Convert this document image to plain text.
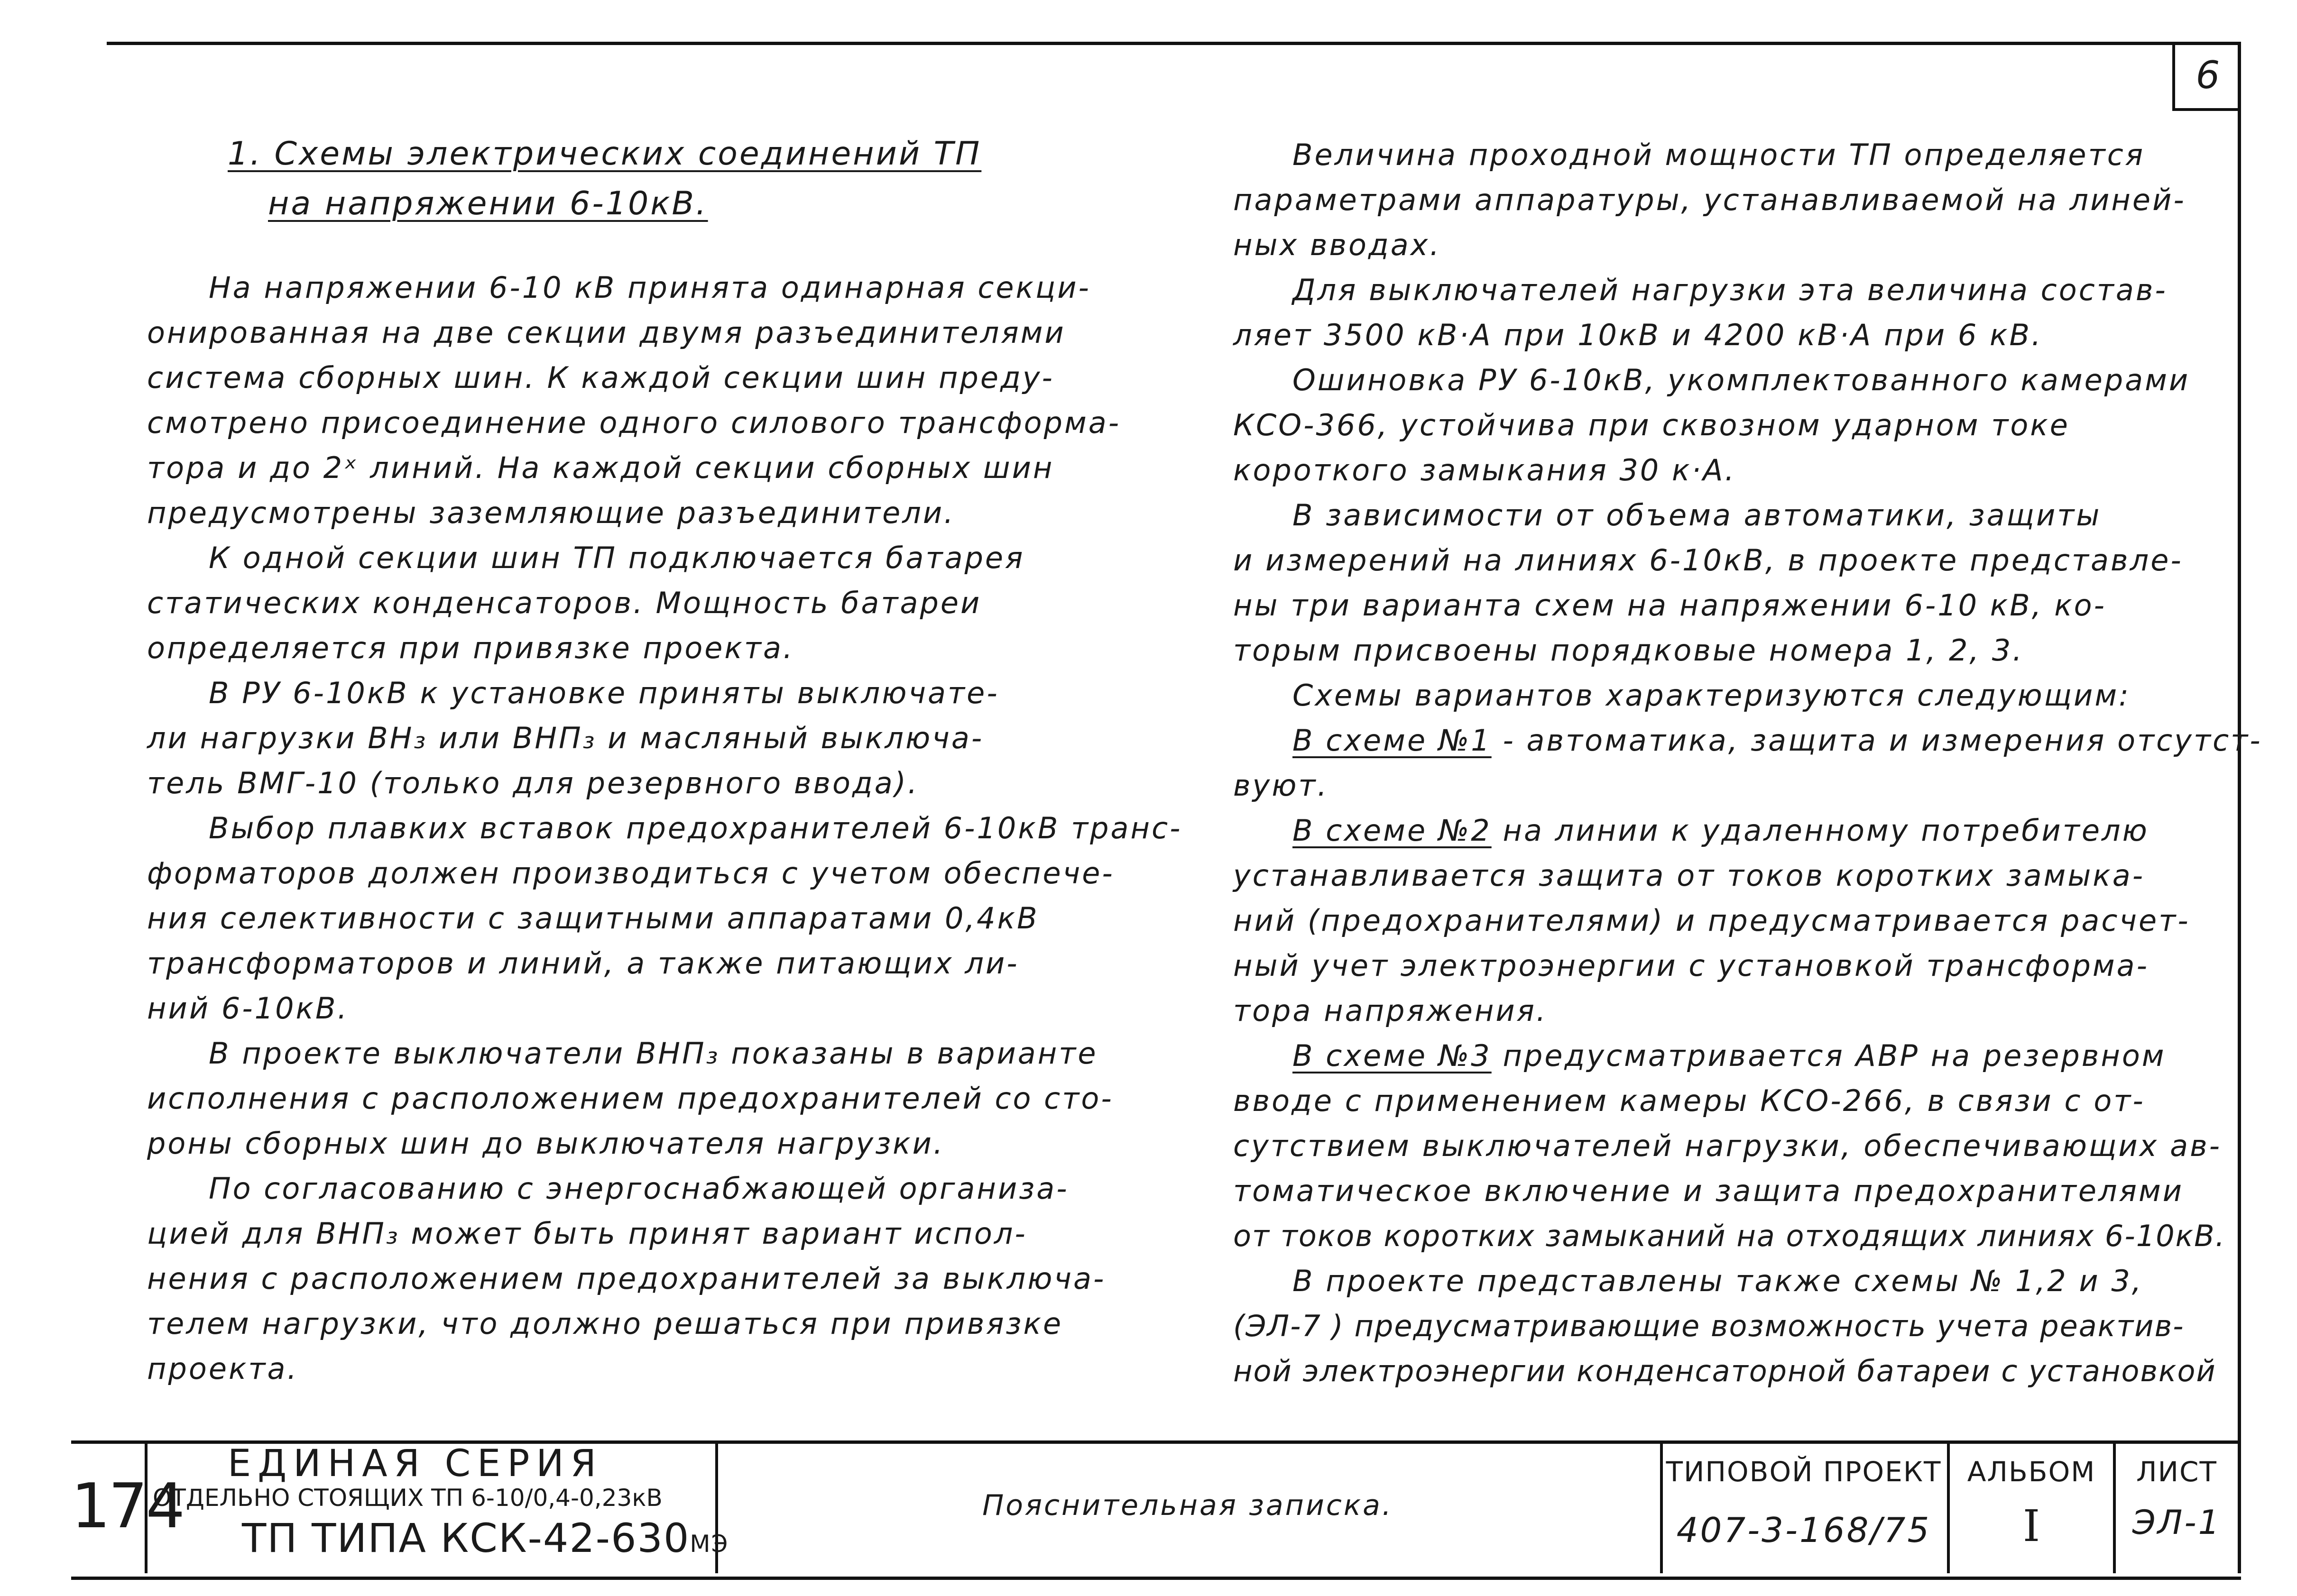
6
1. Схемы электрических соединений ТП
на напряжении 6-10кВ.
На напряжении 6-10 кВ принята одинарная секци-
онированная на две секции двумя разъединителями
система сборных шин. К каждой секции шин преду-
смотрено присоединение одного силового трансформа-
тора и до 2ˣ линий. На каждой секции сборных шин
предусмотрены заземляющие разъединители.
К одной секции шин ТП подключается батарея
статических конденсаторов. Мощность батареи
определяется при привязке проекта.
В РУ 6-10кВ к установке приняты выключате-
ли нагрузки ВН₃ или ВНП₃ и масляный выключа-
тель ВМГ-10 (только для резервного ввода).
Выбор плавких вставок предохранителей 6-10кВ транс-
форматоров должен производиться с учетом обеспече-
ния селективности с защитными аппаратами 0,4кВ
трансформаторов и линий, а также питающих ли-
ний 6-10кВ.
В проекте выключатели ВНП₃ показаны в варианте
исполнения с расположением предохранителей со сто-
роны сборных шин до выключателя нагрузки.
По согласованию с энергоснабжающей организа-
цией для ВНП₃ может быть принят вариант испол-
нения с расположением предохранителей за выключа-
телем нагрузки, что должно решаться при привязке
проекта.
Величина проходной мощности ТП определяется
параметрами аппаратуры, устанавливаемой на линей-
ных вводах.
Для выключателей нагрузки эта величина состав-
ляет 3500 кВ·А при 10кВ и 4200 кВ·А при 6 кВ.
Ошиновка РУ 6-10кВ, укомплектованного камерами
КСО-366, устойчива при сквозном ударном токе
короткого замыкания 30 к·А.
В зависимости от объема автоматики, защиты
и измерений на линиях 6-10кВ, в проекте представле-
ны три варианта схем на напряжении 6-10 кВ, ко-
торым присвоены порядковые номера 1, 2, 3.
Схемы вариантов характеризуются следующим:
В схеме №1 - автоматика, защита и измерения отсутст-
вуют.
В схеме №2 на линии к удаленному потребителю
устанавливается защита от токов коротких замыка-
ний (предохранителями) и предусматривается расчет-
ный учет электроэнергии с установкой трансформа-
тора напряжения.
В схеме №3 предусматривается АВР на резервном
вводе с применением камеры КСО-266, в связи с от-
сутствием выключателей нагрузки, обеспечивающих ав-
томатическое включение и защита предохранителями
от токов коротких замыканий на отходящих линиях 6-10кВ.
В проекте представлены также схемы № 1,2 и 3,
(ЭЛ-7 ) предусматривающие возможность учета реактив-
ной электроэнергии конденсаторной батареи с установкой
174
ЕДИНАЯ СЕРИЯ
ОТДЕЛЬНО СТОЯЩИХ ТП 6-10/0,4-0,23кВ
ТП ТИПА КСК-42-630МЭ
Пояснительная записка.
ТИПОВОЙ ПРОЕКТ
407-3-168/75
АЛЬБОМ
I
ЛИСТ
ЭЛ-1
